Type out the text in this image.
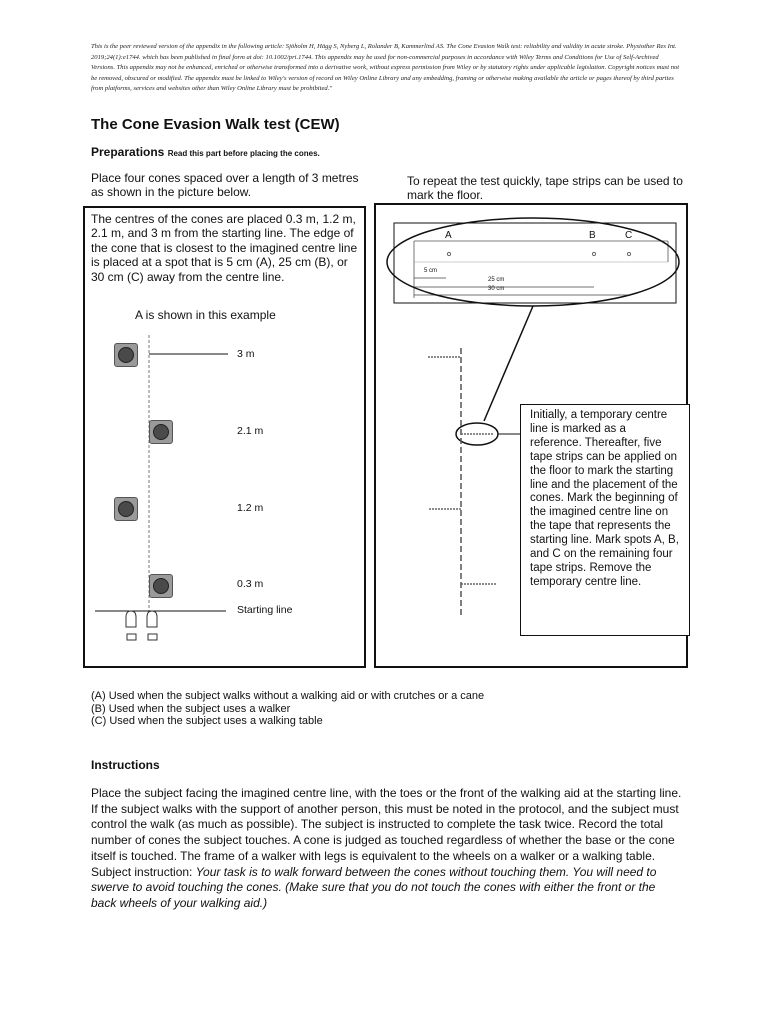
This is the peer reviewed version of the appendix in the following article: Sjöholm H, Hägg S, Nyberg L, Rolander B, Kammerlind AS. The Cone Evasion Walk test: reliability and validity in acute stroke. Physiother Res Int. 2019;24(1):e1744. which has been published in final form at doi: 10.1002/pri.1744. This appendix may be used for non-commercial purposes in accordance with Wiley Terms and Conditions for Use of Self-Archived Versions. This appendix may not be enhanced, enriched or otherwise transformed into a derivative work, without express permission from Wiley or by statutory rights under applicable legislation. Copyright notices must not be removed, obscured or modified. The appendix must be linked to Wiley's version of record on Wiley Online Library and any embedding, framing or otherwise making available the article or pages thereof by third parties from platforms, services and websites other than Wiley Online Library must be prohibited."
The Cone Evasion Walk test (CEW)
Preparations Read this part before placing the cones.
Place four cones spaced over a length of 3 metres as shown in the picture below.
To repeat the test quickly, tape strips can be used to mark the floor.
The centres of the cones are placed 0.3 m, 1.2 m, 2.1 m, and 3 m from the starting line. The edge of the cone that is closest to the imagined centre line is placed at a spot that is 5 cm (A), 25 cm (B), or 30 cm (C) away from the centre line.
A is shown in this example
3 m
2.1 m
1.2 m
0.3 m
Starting line
A	B	C
5 cm
25 cm
30 cm
Initially, a temporary centre line is marked as a reference. Thereafter, five tape strips can be applied on the floor to mark the starting line and the placement of the cones. Mark the beginning of the imagined centre line on the tape that represents the starting line. Mark spots A, B, and C on the remaining four tape strips. Remove the temporary centre line.
(A) Used when the subject walks without a walking aid or with crutches or a cane
(B) Used when the subject uses a walker
(C) Used when the subject uses a walking table
Instructions
Place the subject facing the imagined centre line, with the toes or the front of the walking aid at the starting line. If the subject walks with the support of another person, this must be noted in the protocol, and the subject must control the walk (as much as possible). The subject is instructed to complete the task twice. Record the total number of cones the subject touches. A cone is judged as touched regardless of whether the base or the cone itself is touched. The frame of a walker with legs is equivalent to the wheels on a walker or a walking table. Subject instruction: Your task is to walk forward between the cones without touching them. You will need to swerve to avoid touching the cones. (Make sure that you do not touch the cones with either the front or the back wheels of your walking aid.)
